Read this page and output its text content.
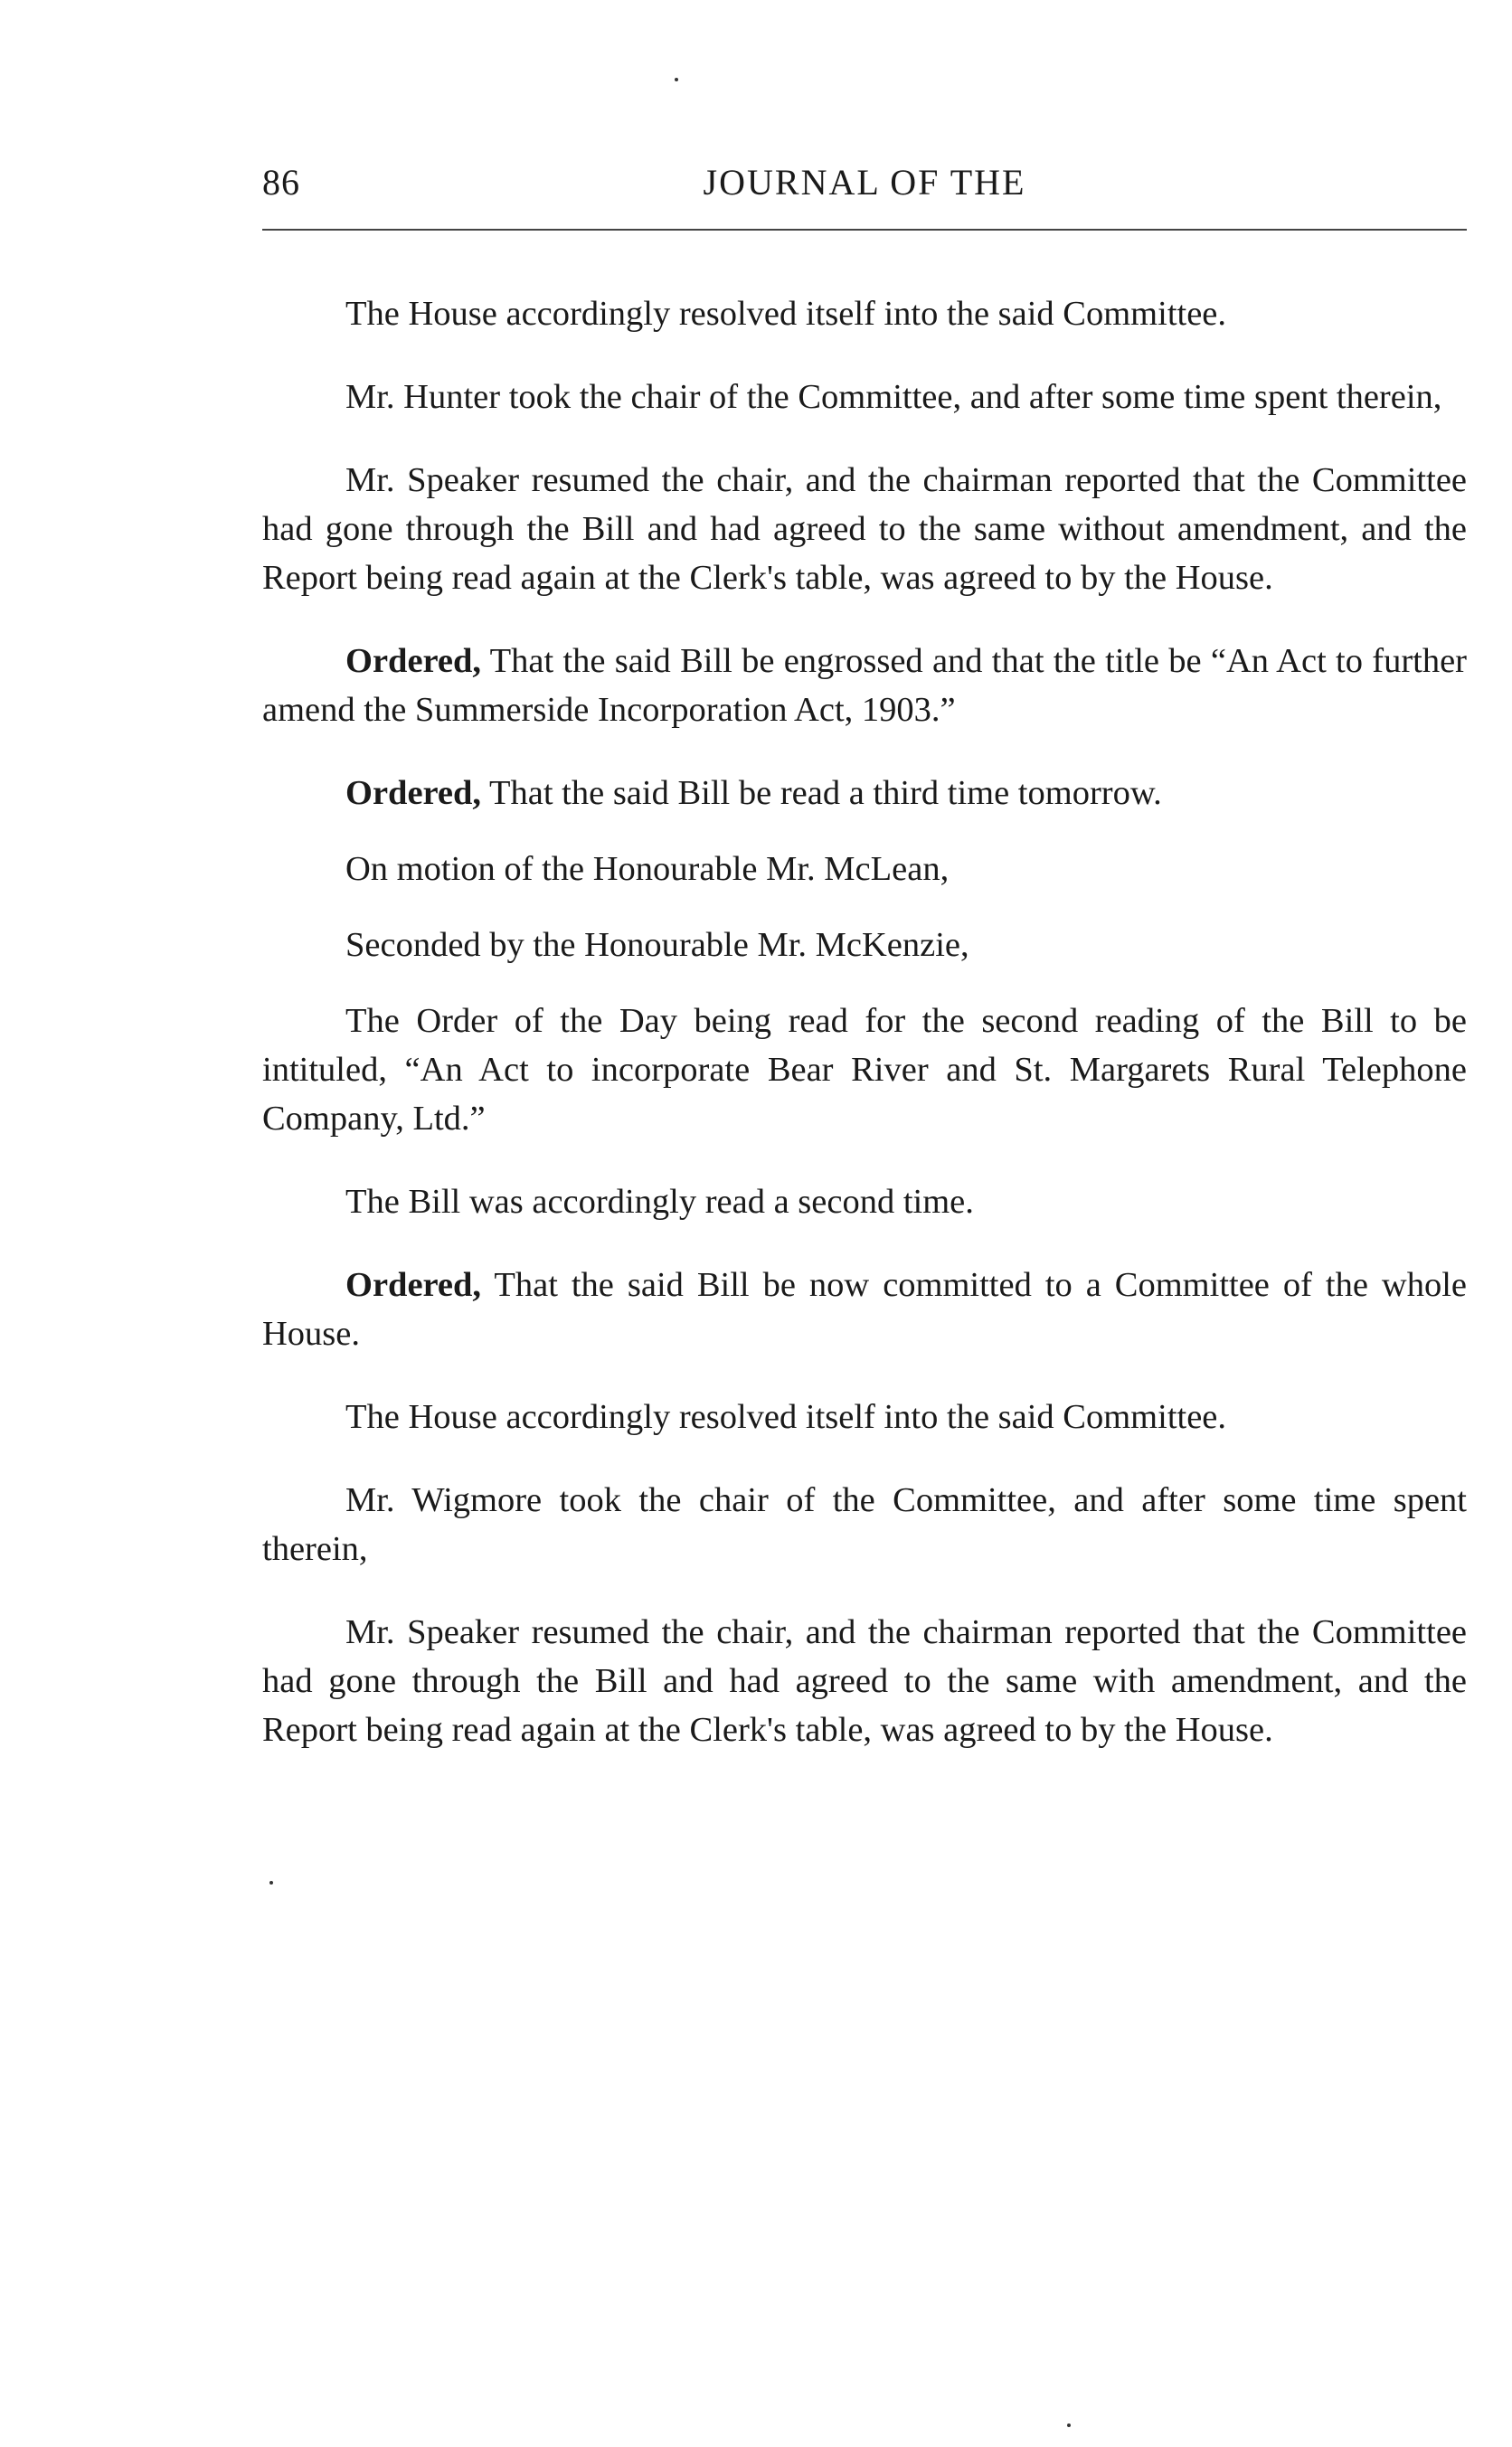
86	JOURNAL OF THE

The House accordingly resolved itself into the said Committee.

Mr. Hunter took the chair of the Committee, and after some time spent therein,

Mr. Speaker resumed the chair, and the chairman reported that the Committee had gone through the Bill and had agreed to the same without amendment, and the Report being read again at the Clerk's table, was agreed to by the House.

Ordered, That the said Bill be engrossed and that the title be “An Act to further amend the Summerside Incorporation Act, 1903.”

Ordered, That the said Bill be read a third time tomorrow.

On motion of the Honourable Mr. McLean,

Seconded by the Honourable Mr. McKenzie,

The Order of the Day being read for the second reading of the Bill to be intituled, “An Act to incorporate Bear River and St. Margarets Rural Telephone Company, Ltd.”

The Bill was accordingly read a second time.

Ordered, That the said Bill be now committed to a Committee of the whole House.

The House accordingly resolved itself into the said Committee.

Mr. Wigmore took the chair of the Committee, and after some time spent therein,

Mr. Speaker resumed the chair, and the chairman reported that the Committee had gone through the Bill and had agreed to the same with amendment, and the Report being read again at the Clerk's table, was agreed to by the House.
